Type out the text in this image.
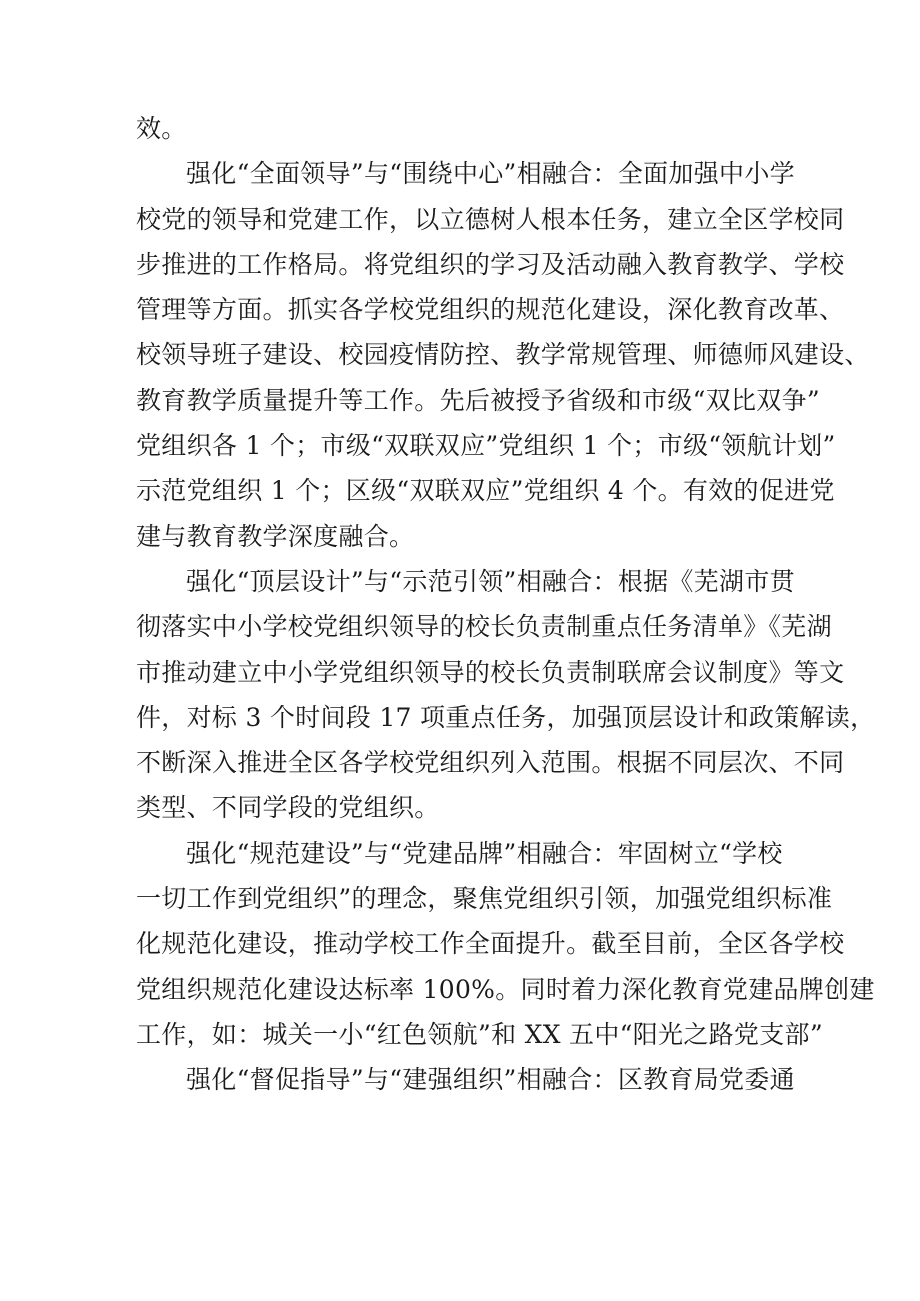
效。
强化“全面领导”与“围绕中心”相融合：全面加强中小学
校党的领导和党建工作，以立德树人根本任务，建立全区学校同
步推进的工作格局。将党组织的学习及活动融入教育教学、学校
管理等方面。抓实各学校党组织的规范化建设，深化教育改革、
校领导班子建设、校园疫情防控、教学常规管理、师德师风建设、
教育教学质量提升等工作。先后被授予省级和市级“双比双争”
党组织各 1 个；市级“双联双应”党组织 1 个；市级“领航计划”
示范党组织 1 个；区级“双联双应”党组织 4 个。有效的促进党
建与教育教学深度融合。
强化“顶层设计”与“示范引领”相融合：根据《芜湖市贯
彻落实中小学校党组织领导的校长负责制重点任务清单》《芜湖
市推动建立中小学党组织领导的校长负责制联席会议制度》等文
件，对标 3 个时间段 17 项重点任务，加强顶层设计和政策解读，
不断深入推进全区各学校党组织列入范围。根据不同层次、不同
类型、不同学段的党组织。
强化“规范建设”与“党建品牌”相融合：牢固树立“学校
一切工作到党组织”的理念，聚焦党组织引领，加强党组织标准
化规范化建设，推动学校工作全面提升。截至目前，全区各学校
党组织规范化建设达标率 100%。同时着力深化教育党建品牌创建
工作，如：城关一小“红色领航”和 XX 五中“阳光之路党支部”
强化“督促指导”与“建强组织”相融合：区教育局党委通
